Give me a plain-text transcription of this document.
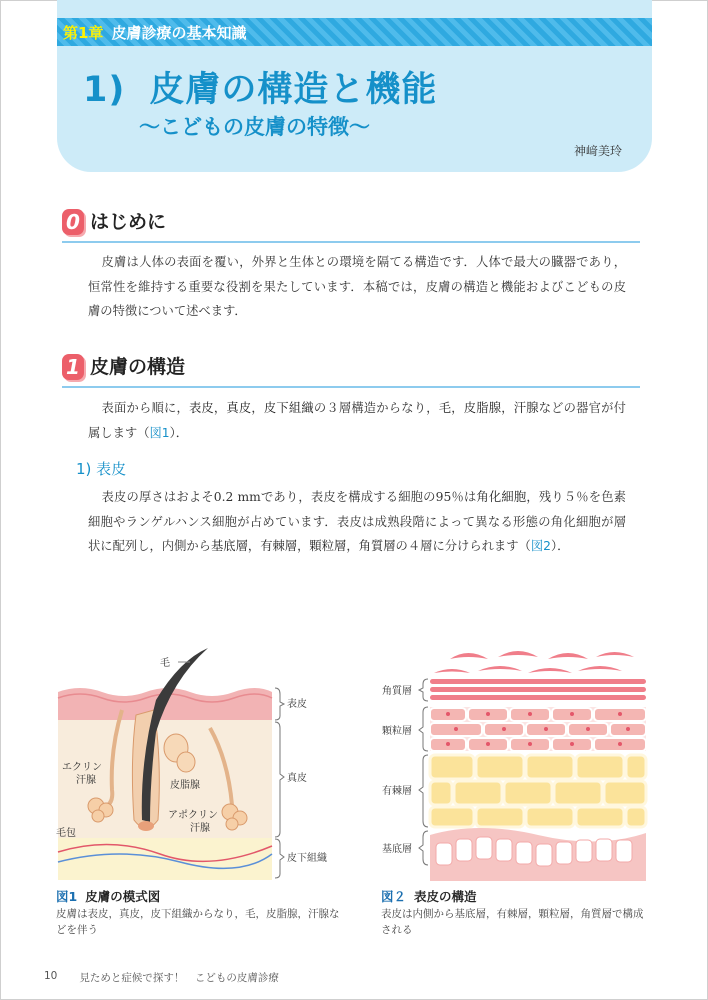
第1章 皮膚診療の基本知識
1) 皮膚の構造と機能
～こどもの皮膚の特徴～
神﨑美玲
0 はじめに

皮膚は人体の表面を覆い，外界と生体との環境を隔てる構造です．人体で最大の臓器であり，恒常性を維持する重要な役割を果たしています．本稿では，皮膚の構造と機能およびこどもの皮膚の特徴について述べます．

1 皮膚の構造

表面から順に，表皮，真皮，皮下組織の３層構造からなり，毛，皮脂腺，汗腺などの器官が付属します（図1）．

1) 表皮

表皮の厚さはおよそ0.2 mmであり，表皮を構成する細胞の95％は角化細胞，残り５％を色素細胞やランゲルハンス細胞が占めています．表皮は成熟段階によって異なる形態の角化細胞が層状に配列し，内側から基底層，有棘層，顆粒層，角質層の４層に分けられます（図2）．

毛
表皮
真皮
皮下組織
エクリン
汗腺	皮脂腺
アポクリン
汗腺
毛包
図1 皮膚の模式図
皮膚は表皮，真皮，皮下組織からなり，毛，皮脂腺，汗腺などを伴う
角質層
顆粒層
有棘層
基底層
図２ 表皮の構造
表皮は内側から基底層，有棘層，顆粒層，角質層で構成される
10 見ためと症候で探す！　こどもの皮膚診療
